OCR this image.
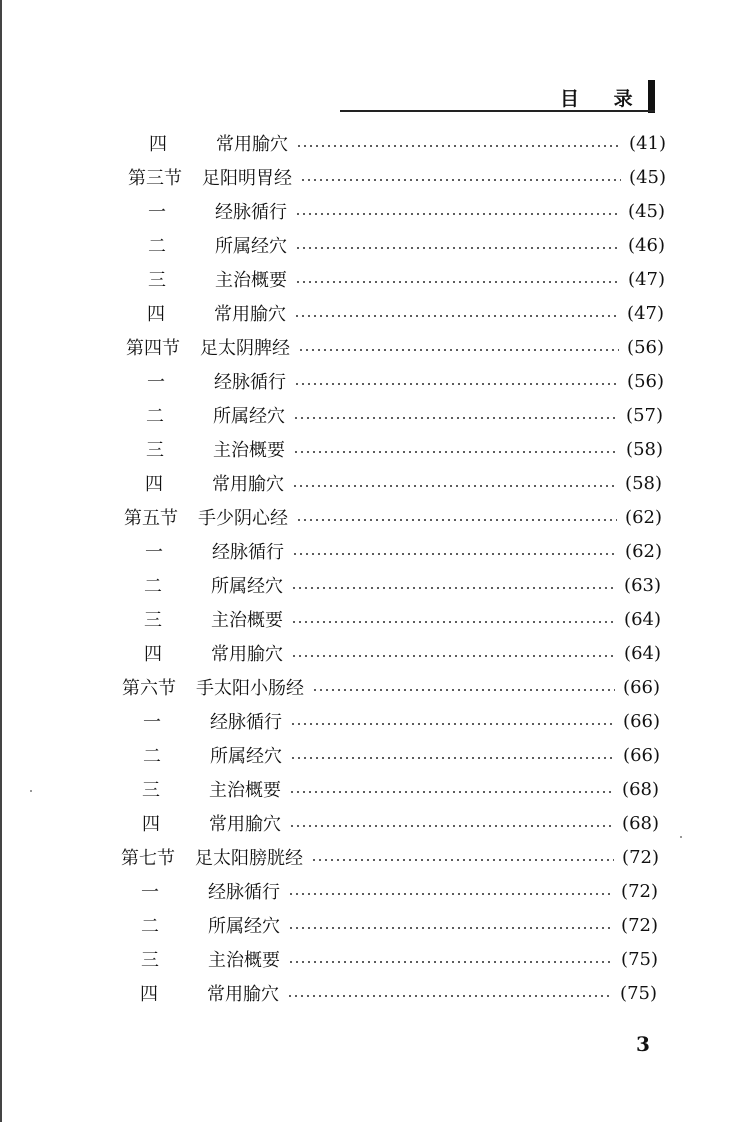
目 录
四	常用腧穴	(41)
第三节 足阳明胃经	(45)
一	经脉循行	(45)
二	所属经穴	(46)
三	主治概要	(47)
四	常用腧穴	(47)
第四节 足太阴脾经	(56)
一	经脉循行	(56)
二	所属经穴	(57)
三	主治概要	(58)
四	常用腧穴	(58)
第五节 手少阴心经	(62)
一	经脉循行	(62)
二	所属经穴	(63)
三	主治概要	(64)
四	常用腧穴	(64)
第六节 手太阳小肠经	(66)
一	经脉循行	(66)
二	所属经穴	(66)
三	主治概要	(68)
四	常用腧穴	(68)
第七节 足太阳膀胱经	(72)
一	经脉循行	(72)
二	所属经穴	(72)
三	主治概要	(75)
四	常用腧穴	(75)
3
